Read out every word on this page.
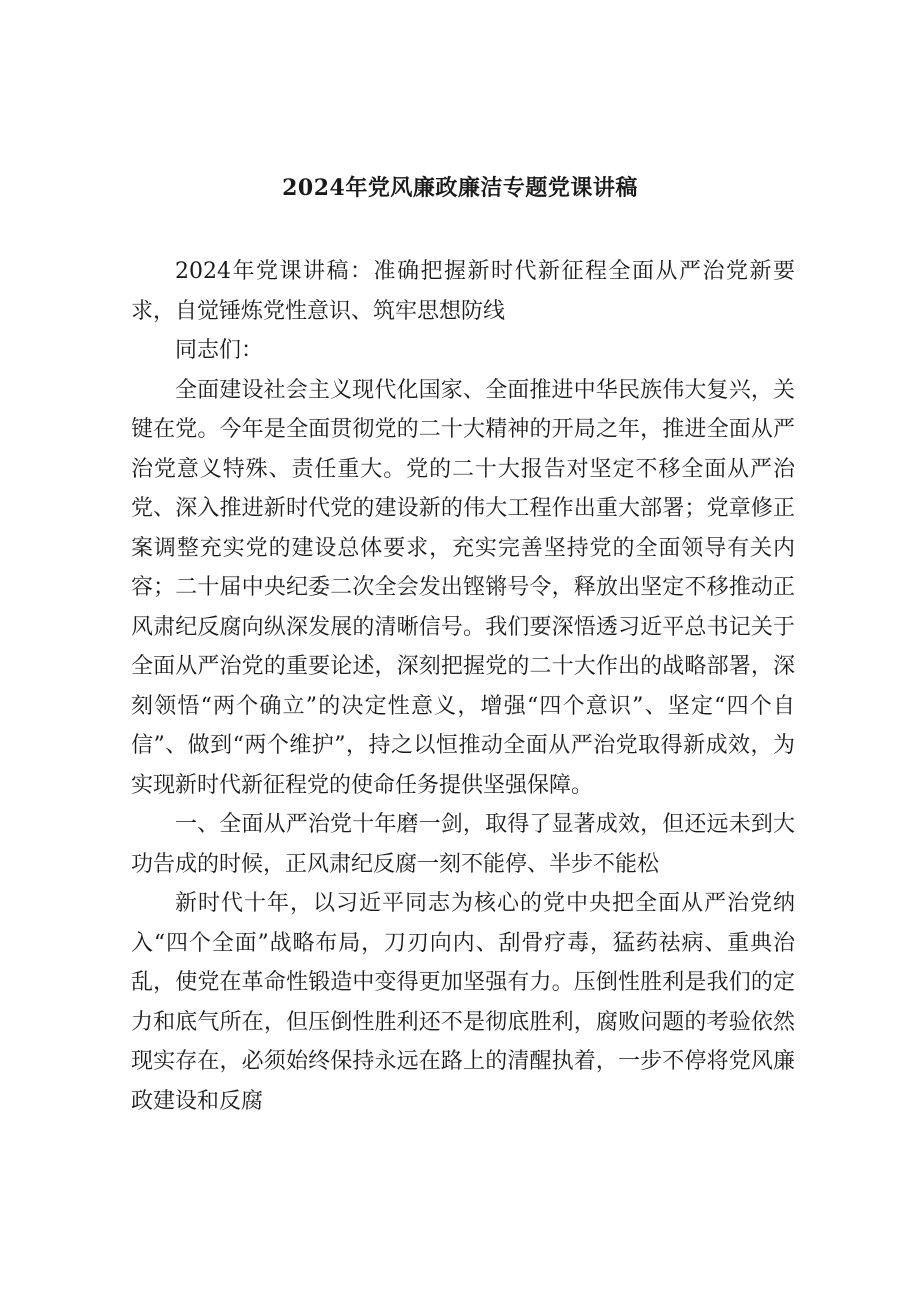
2024年党风廉政廉洁专题党课讲稿

2024年党课讲稿：准确把握新时代新征程全面从严治党新要求，自觉锤炼党性意识、筑牢思想防线

同志们：

全面建设社会主义现代化国家、全面推进中华民族伟大复兴，关键在党。今年是全面贯彻党的二十大精神的开局之年，推进全面从严治党意义特殊、责任重大。党的二十大报告对坚定不移全面从严治党、深入推进新时代党的建设新的伟大工程作出重大部署；党章修正案调整充实党的建设总体要求，充实完善坚持党的全面领导有关内容；二十届中央纪委二次全会发出铿锵号令，释放出坚定不移推动正风肃纪反腐向纵深发展的清晰信号。我们要深悟透习近平总书记关于全面从严治党的重要论述，深刻把握党的二十大作出的战略部署，深刻领悟“两个确立”的决定性意义，增强“四个意识”、坚定“四个自信”、做到“两个维护”，持之以恒推动全面从严治党取得新成效，为实现新时代新征程党的使命任务提供坚强保障。

一、全面从严治党十年磨一剑，取得了显著成效，但还远未到大功告成的时候，正风肃纪反腐一刻不能停、半步不能松

新时代十年，以习近平同志为核心的党中央把全面从严治党纳入“四个全面”战略布局，刀刃向内、刮骨疗毒，猛药祛病、重典治乱，使党在革命性锻造中变得更加坚强有力。压倒性胜利是我们的定力和底气所在，但压倒性胜利还不是彻底胜利，腐败问题的考验依然现实存在，必须始终保持永远在路上的清醒执着，一步不停将党风廉政建设和反腐
